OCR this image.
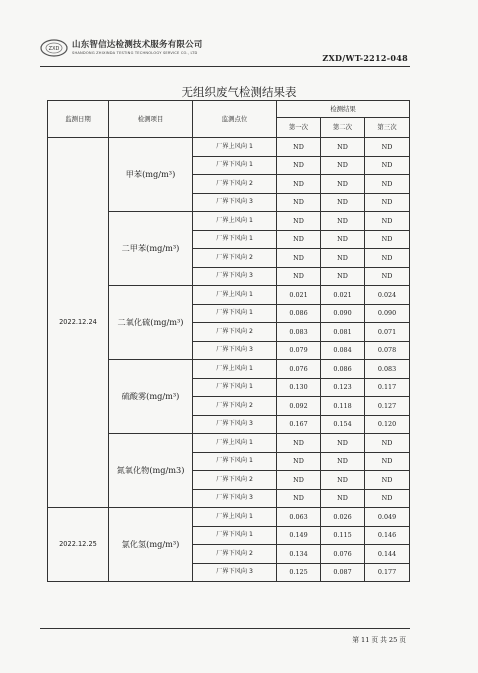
ZXD 山东智信达检测技术服务有限公司
SHANDONG ZHIXINDA TESTING TECHNOLOGY SERVICE CO., LTD	ZXD/WT-2212-048
无组织废气检测结果表
监测日期	检测项目	监测点位	检测结果		
			第一次	第二次	第三次
2022.12.24	甲苯(mg/m³)	厂界上风向 1	ND	ND	ND
		厂界下风向 1	ND	ND	ND
		厂界下风向 2	ND	ND	ND
		厂界下风向 3	ND	ND	ND
	二甲苯(mg/m³)	厂界上风向 1	ND	ND	ND
		厂界下风向 1	ND	ND	ND
		厂界下风向 2	ND	ND	ND
		厂界下风向 3	ND	ND	ND
	二氧化硫(mg/m³)	厂界上风向 1	0.021	0.021	0.024
		厂界下风向 1	0.086	0.090	0.090
		厂界下风向 2	0.083	0.081	0.071
		厂界下风向 3	0.079	0.084	0.078
	硫酸雾(mg/m³)	厂界上风向 1	0.076	0.086	0.083
		厂界下风向 1	0.130	0.123	0.117
		厂界下风向 2	0.092	0.118	0.127
		厂界下风向 3	0.167	0.154	0.120
	氮氧化物(mg/m3)	厂界上风向 1	ND	ND	ND
		厂界下风向 1	ND	ND	ND
		厂界下风向 2	ND	ND	ND
		厂界下风向 3	ND	ND	ND
2022.12.25	氯化氢(mg/m³)	厂界上风向 1	0.063	0.026	0.049
		厂界下风向 1	0.149	0.115	0.146
		厂界下风向 2	0.134	0.076	0.144
		厂界下风向 3	0.125	0.087	0.177
第 11 页 共 25 页
